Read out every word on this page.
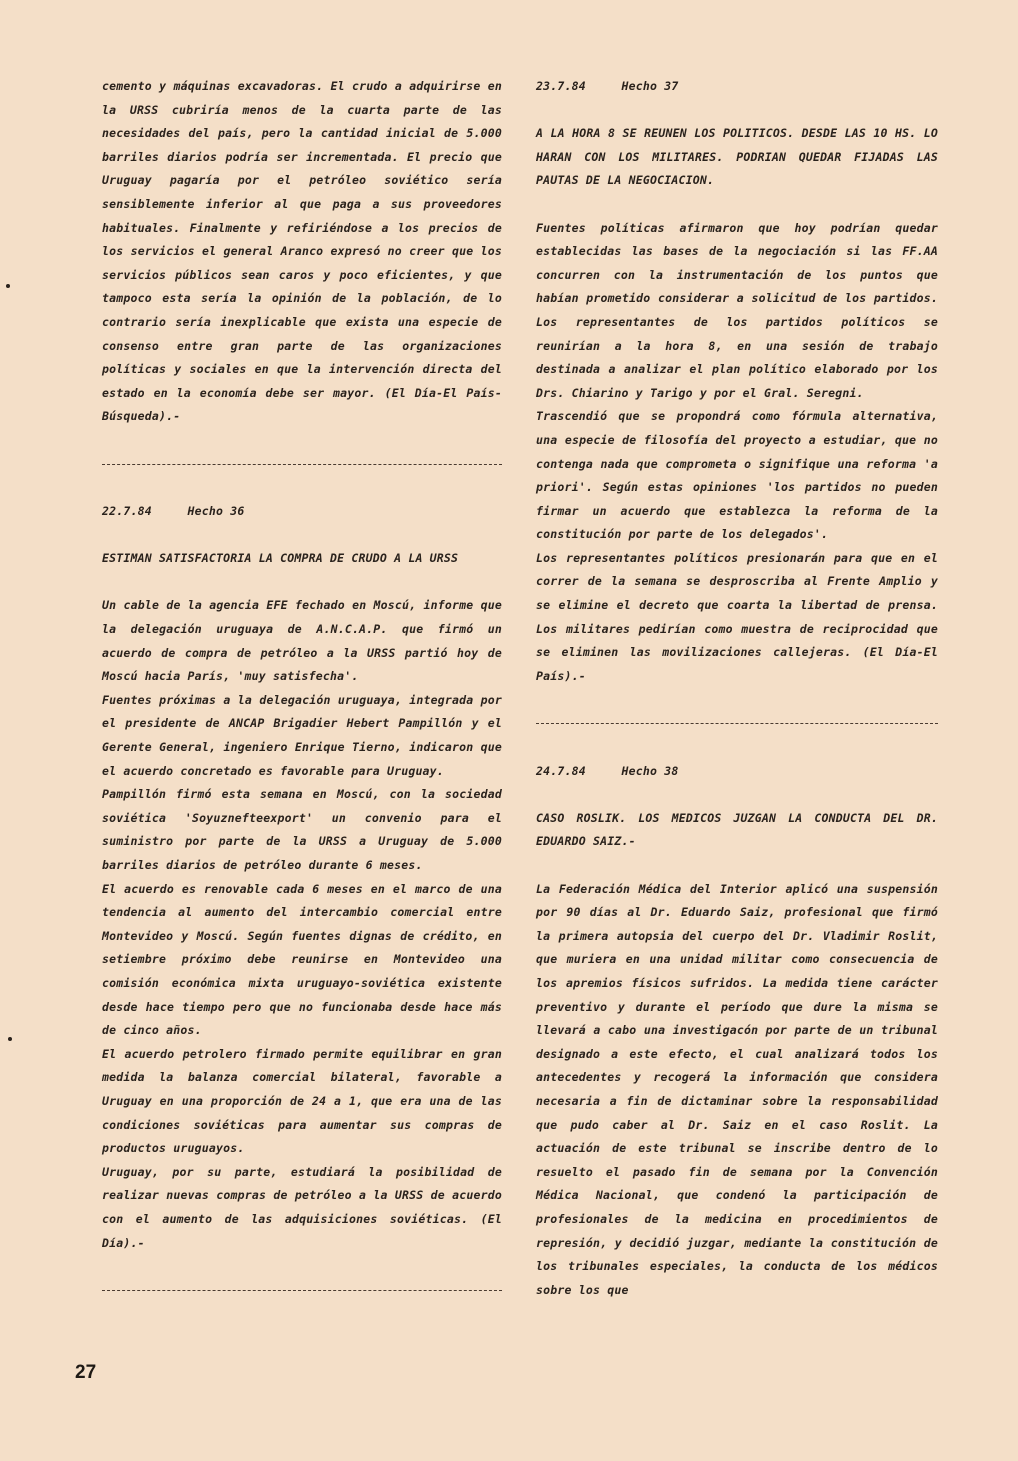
cemento y máquinas excavadoras. El crudo a adquirirse en la URSS cubriría menos de la cuarta parte de las necesidades del país, pero la cantidad inicial de 5.000 barriles diarios podría ser incrementada. El precio que Uruguay pagaría por el petróleo soviético sería sensiblemente inferior al que paga a sus proveedores habituales. Finalmente y refiriéndose a los precios de los servicios el general Aranco expresó no creer que los servicios públicos sean caros y poco eficientes, y que tampoco esta sería la opinión de la población, de lo contrario sería inexplicable que exista una especie de consenso entre gran parte de las organizaciones políticas y sociales en que la intervención directa del estado en la economía debe ser mayor. (El Día-El País-Búsqueda).-

22.7.84     Hecho 36

ESTIMAN SATISFACTORIA LA COMPRA DE CRUDO A LA URSS

Un cable de la agencia EFE fechado en Moscú, informe que la delegación uruguaya de A.N.C.A.P. que firmó un acuerdo de compra de petróleo a la URSS partió hoy de Moscú hacia París, 'muy satisfecha'.

Fuentes próximas a la delegación uruguaya, integrada por el presidente de ANCAP Brigadier Hebert Pampillón y el Gerente General, ingeniero Enrique Tierno, indicaron que el acuerdo concretado es favorable para Uruguay.

Pampillón firmó esta semana en Moscú, con la sociedad soviética 'Soyuznefteexport' un convenio para el suministro por parte de la URSS a Uruguay de 5.000 barriles diarios de petróleo durante 6 meses.

El acuerdo es renovable cada 6 meses en el marco de una tendencia al aumento del intercambio comercial entre Montevideo y Moscú. Según fuentes dignas de crédito, en setiembre próximo debe reunirse en Montevideo una comisión económica mixta uruguayo-soviética existente desde hace tiempo pero que no funcionaba desde hace más de cinco años.

El acuerdo petrolero firmado permite equilibrar en gran medida la balanza comercial bilateral, favorable a Uruguay en una proporción de 24 a 1, que era una de las condiciones soviéticas para aumentar sus compras de productos uruguayos.

Uruguay, por su parte, estudiará la posibilidad de realizar nuevas compras de petróleo a la URSS de acuerdo con el aumento de las adquisiciones soviéticas. (El Día).-

23.7.84     Hecho 37

A LA HORA 8 SE REUNEN LOS POLITICOS. DESDE LAS 10 HS. LO HARAN CON LOS MILITARES. PODRIAN QUEDAR FIJADAS LAS PAUTAS DE LA NEGOCIACION.

Fuentes políticas afirmaron que hoy podrían quedar establecidas las bases de la negociación si las FF.AA concurren con la instrumentación de los puntos que habían prometido considerar a solicitud de los partidos. Los representantes de los partidos políticos se reunirían a la hora 8, en una sesión de trabajo destinada a analizar el plan político elaborado por los Drs. Chiarino y Tarigo y por el Gral. Seregni.

Trascendió que se propondrá como fórmula alternativa, una especie de filosofía del proyecto a estudiar, que no contenga nada que comprometa o signifique una reforma 'a priori'. Según estas opiniones 'los partidos no pueden firmar un acuerdo que establezca la reforma de la constitución por parte de los delegados'.

Los representantes políticos presionarán para que en el correr de la semana se desproscriba al Frente Amplio y se elimine el decreto que coarta la libertad de prensa. Los militares pedirían como muestra de reciprocidad que se eliminen las movilizaciones callejeras. (El Día-El País).-

24.7.84     Hecho 38

CASO ROSLIK. LOS MEDICOS JUZGAN LA CONDUCTA DEL DR. EDUARDO SAIZ.-

La Federación Médica del Interior aplicó una suspensión por 90 días al Dr. Eduardo Saiz, profesional que firmó la primera autopsia del cuerpo del Dr. Vladimir Roslit, que muriera en una unidad militar como consecuencia de los apremios físicos sufridos. La medida tiene carácter preventivo y durante el período que dure la misma se llevará a cabo una investigacón por parte de un tribunal designado a este efecto, el cual analizará todos los antecedentes y recogerá la información que considera necesaria a fin de dictaminar sobre la responsabilidad que pudo caber al Dr. Saiz en el caso Roslit. La actuación de este tribunal se inscribe dentro de lo resuelto el pasado fin de semana por la Convención Médica Nacional, que condenó la participación de profesionales de la medicina en procedimientos de represión, y decidió juzgar, mediante la constitución de los tribunales especiales, la conducta de los médicos sobre los que

27
